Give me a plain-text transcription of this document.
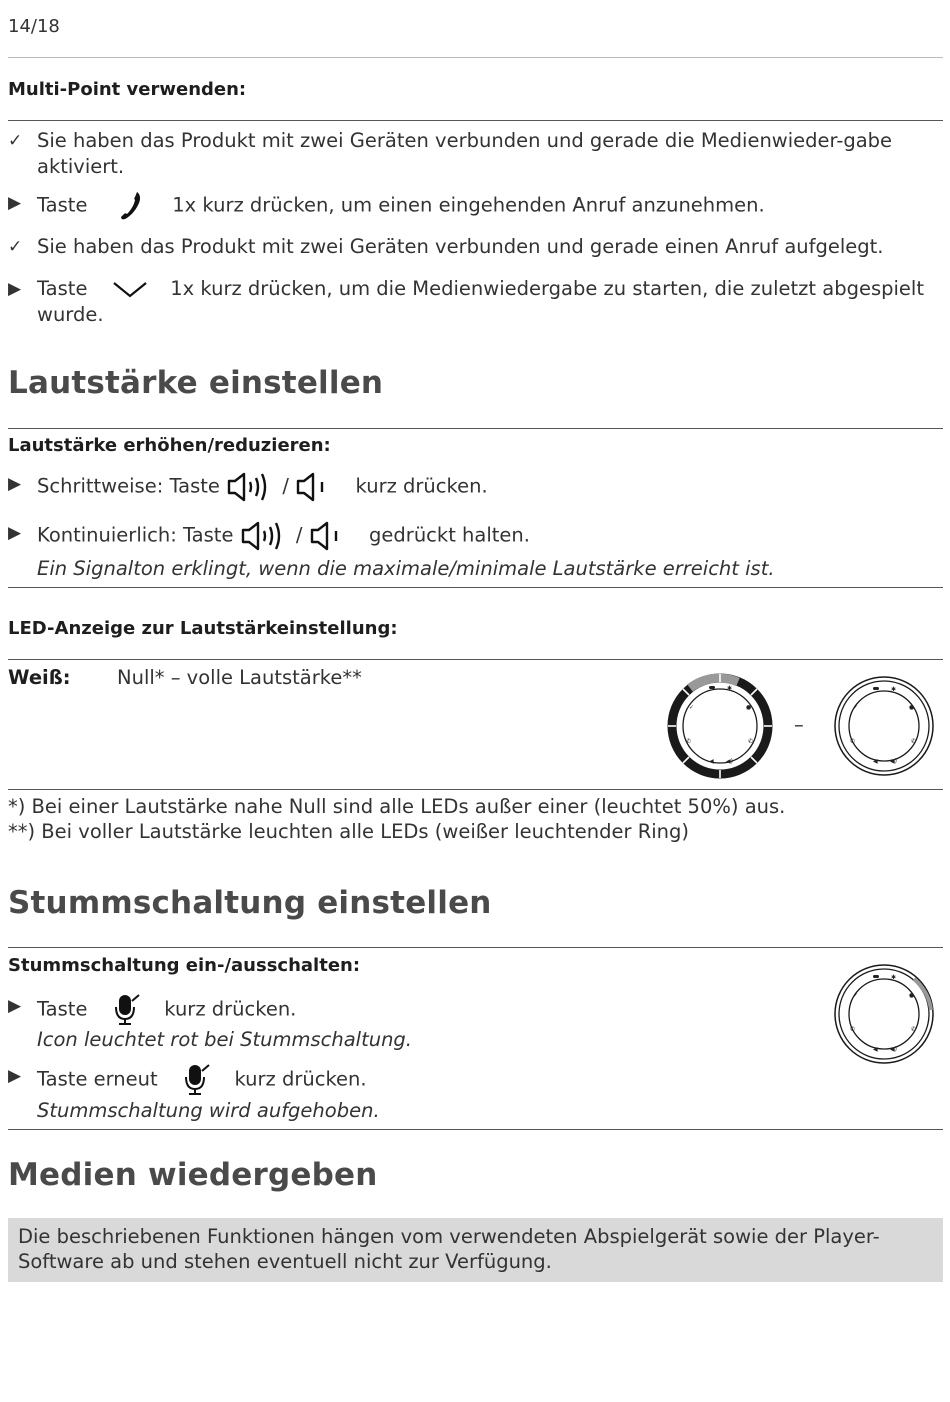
14/18
Multi-Point verwenden:
✓ Sie haben das Produkt mit zwei Geräten verbunden und gerade die Medienwieder-gabe aktiviert.
▶ Taste	1x kurz drücken, um einen eingehenden Anruf anzunehmen.
✓ Sie haben das Produkt mit zwei Geräten verbunden und gerade einen Anruf aufgelegt.
▶ Taste	1x kurz drücken, um die Medienwiedergabe zu starten, die zuletzt abgespielt wurde.
Lautstärke einstellen
Lautstärke erhöhen/reduzieren:
▶ Schrittweise: Taste	/	kurz drücken.
▶ Kontinuierlich: Taste	/	gedrückt halten.
Ein Signalton erklingt, wenn die maximale/minimale Lautstärke erreicht ist.
LED-Anzeige zur Lautstärkeinstellung:
Weiß: Null* – volle Lautstärke**	✱
✓	●
✆	✆
◀ ◀)
–
✱
✓	●
✆	✆
◀ ◀)
*) Bei einer Lautstärke nahe Null sind alle LEDs außer einer (leuchtet 50%) aus.
**) Bei voller Lautstärke leuchten alle LEDs (weißer leuchtender Ring)
Stummschaltung einstellen
Stummschaltung ein-/ausschalten:
▶ Taste	kurz drücken.
Icon leuchtet rot bei Stummschaltung.
▶ Taste erneut	kurz drücken.
Stummschaltung wird aufgehoben.
✱
✓	●
✆	✆
◀ ◀)
Medien wiedergeben
Die beschriebenen Funktionen hängen vom verwendeten Abspielgerät sowie der Player-Software ab und stehen eventuell nicht zur Verfügung.
